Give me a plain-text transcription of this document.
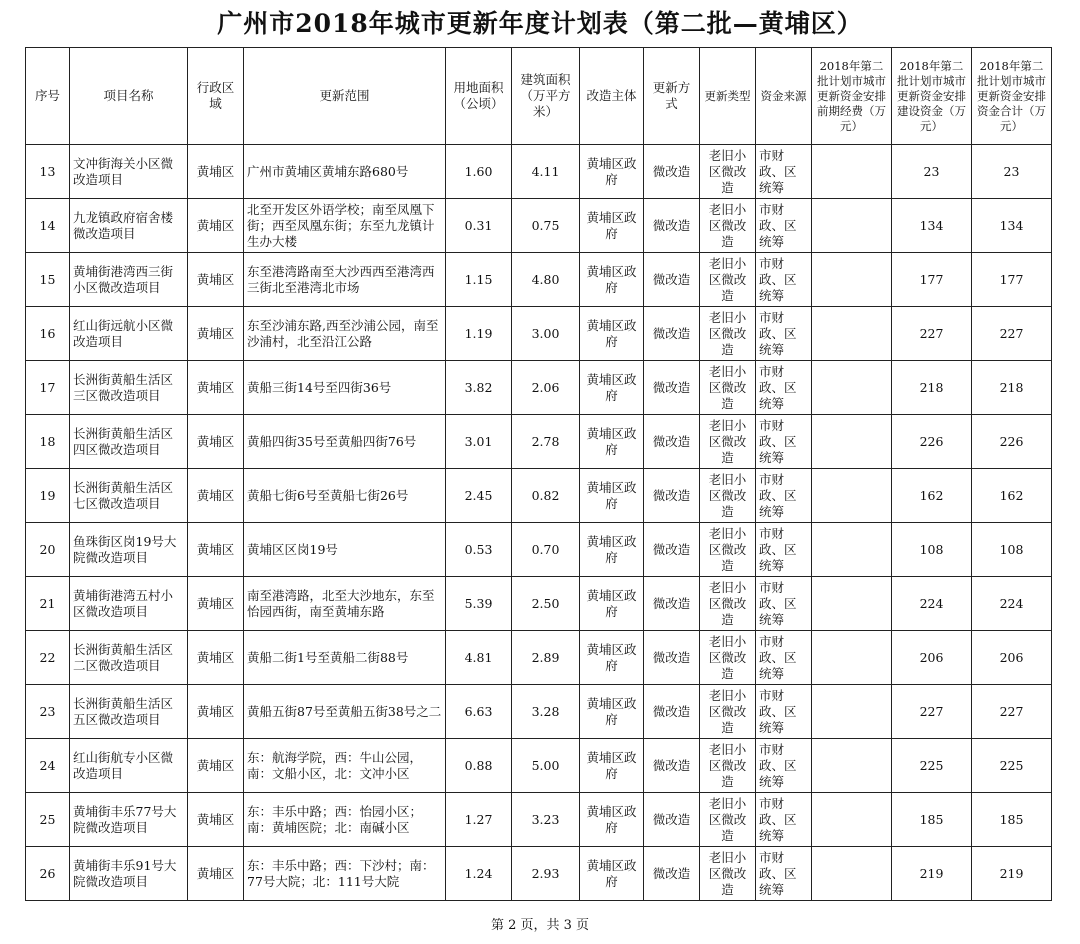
广州市2018年城市更新年度计划表（第二批—黄埔区）
序号	项目名称	行政区域	更新范围	用地面积（公顷）	建筑面积（万平方米）	改造主体	更新方式	更新类型	资金来源	2018年第二批计划市城市更新资金安排前期经费（万元）	2018年第二批计划市城市更新资金安排建设资金（万元）	2018年第二批计划市城市更新资金安排资金合计（万元）
13	文冲街海关小区微改造项目	黄埔区	广州市黄埔区黄埔东路680号	1.60	4.11	黄埔区政府	微改造	老旧小区微改造	市财政、区统筹		23	23
14	九龙镇政府宿舍楼微改造项目	黄埔区	北至开发区外语学校；南至凤凰下街；西至凤凰东街；东至九龙镇计生办大楼	0.31	0.75	黄埔区政府	微改造	老旧小区微改造	市财政、区统筹		134	134
15	黄埔街港湾西三街小区微改造项目	黄埔区	东至港湾路南至大沙西西至港湾西三街北至港湾北市场	1.15	4.80	黄埔区政府	微改造	老旧小区微改造	市财政、区统筹		177	177
16	红山街远航小区微改造项目	黄埔区	东至沙浦东路,西至沙浦公园，南至沙浦村，北至沿江公路	1.19	3.00	黄埔区政府	微改造	老旧小区微改造	市财政、区统筹		227	227
17	长洲街黄船生活区三区微改造项目	黄埔区	黄船三街14号至四街36号	3.82	2.06	黄埔区政府	微改造	老旧小区微改造	市财政、区统筹		218	218
18	长洲街黄船生活区四区微改造项目	黄埔区	黄船四街35号至黄船四街76号	3.01	2.78	黄埔区政府	微改造	老旧小区微改造	市财政、区统筹		226	226
19	长洲街黄船生活区七区微改造项目	黄埔区	黄船七街6号至黄船七街26号	2.45	0.82	黄埔区政府	微改造	老旧小区微改造	市财政、区统筹		162	162
20	鱼珠街区岗19号大院微改造项目	黄埔区	黄埔区区岗19号	0.53	0.70	黄埔区政府	微改造	老旧小区微改造	市财政、区统筹		108	108
21	黄埔街港湾五村小区微改造项目	黄埔区	南至港湾路，北至大沙地东，东至怡园西街，南至黄埔东路	5.39	2.50	黄埔区政府	微改造	老旧小区微改造	市财政、区统筹		224	224
22	长洲街黄船生活区二区微改造项目	黄埔区	黄船二街1号至黄船二街88号	4.81	2.89	黄埔区政府	微改造	老旧小区微改造	市财政、区统筹		206	206
23	长洲街黄船生活区五区微改造项目	黄埔区	黄船五街87号至黄船五街38号之二	6.63	3.28	黄埔区政府	微改造	老旧小区微改造	市财政、区统筹		227	227
24	红山街航专小区微改造项目	黄埔区	东：航海学院，西：牛山公园，南：文船小区，北：文冲小区	0.88	5.00	黄埔区政府	微改造	老旧小区微改造	市财政、区统筹		225	225
25	黄埔街丰乐77号大院微改造项目	黄埔区	东：丰乐中路；西：怡园小区；南：黄埔医院；北：南碱小区	1.27	3.23	黄埔区政府	微改造	老旧小区微改造	市财政、区统筹		185	185
26	黄埔街丰乐91号大院微改造项目	黄埔区	东：丰乐中路；西：下沙村；南：77号大院；北：111号大院	1.24	2.93	黄埔区政府	微改造	老旧小区微改造	市财政、区统筹		219	219
第 2 页，共 3 页
